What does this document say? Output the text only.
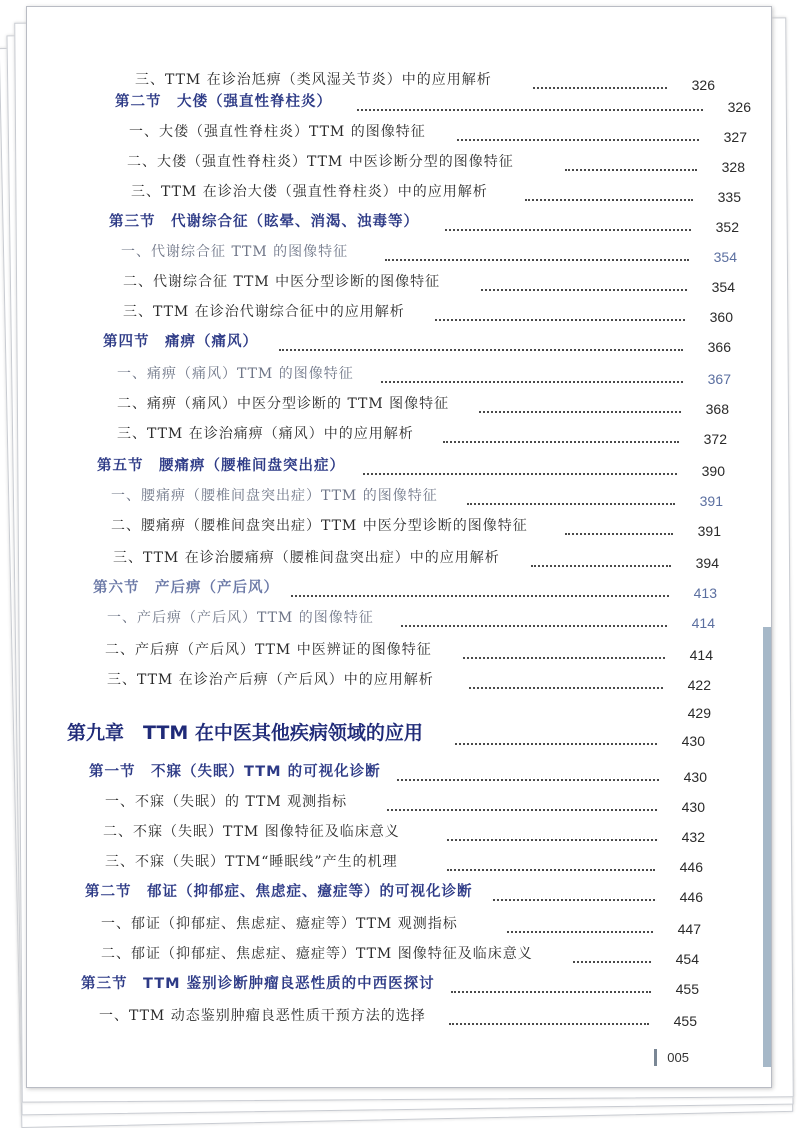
三、TTM 在诊治尪痹（类风湿关节炎）中的应用解析	326
第二节　大偻（强直性脊柱炎）	326
一、大偻（强直性脊柱炎）TTM 的图像特征	327
二、大偻（强直性脊柱炎）TTM 中医诊断分型的图像特征	328
三、TTM 在诊治大偻（强直性脊柱炎）中的应用解析	335
第三节　代谢综合征（眩晕、消渴、浊毒等）	352
一、代谢综合征 TTM 的图像特征	354
二、代谢综合征 TTM 中医分型诊断的图像特征	354
三、TTM 在诊治代谢综合征中的应用解析	360
第四节　痛痹（痛风）	366
一、痛痹（痛风）TTM 的图像特征	367
二、痛痹（痛风）中医分型诊断的 TTM 图像特征	368
三、TTM 在诊治痛痹（痛风）中的应用解析	372
第五节　腰痛痹（腰椎间盘突出症）	390
一、腰痛痹（腰椎间盘突出症）TTM 的图像特征	391
二、腰痛痹（腰椎间盘突出症）TTM 中医分型诊断的图像特征	391
三、TTM 在诊治腰痛痹（腰椎间盘突出症）中的应用解析	394
第六节　产后痹（产后风）	413
一、产后痹（产后风）TTM 的图像特征	414
二、产后痹（产后风）TTM 中医辨证的图像特征	414
三、TTM 在诊治产后痹（产后风）中的应用解析	422
429
第九章　TTM 在中医其他疾病领域的应用	430
第一节　不寐（失眠）TTM 的可视化诊断	430
一、不寐（失眠）的 TTM 观测指标	430
二、不寐（失眠）TTM 图像特征及临床意义	432
三、不寐（失眠）TTM“睡眠线”产生的机理	446
第二节　郁证（抑郁症、焦虑症、癔症等）的可视化诊断	446
一、郁证（抑郁症、焦虑症、癔症等）TTM 观测指标	447
二、郁证（抑郁症、焦虑症、癔症等）TTM 图像特征及临床意义	454
第三节　TTM 鉴别诊断肿瘤良恶性质的中西医探讨	455
一、TTM 动态鉴别肿瘤良恶性质干预方法的选择	455
005
